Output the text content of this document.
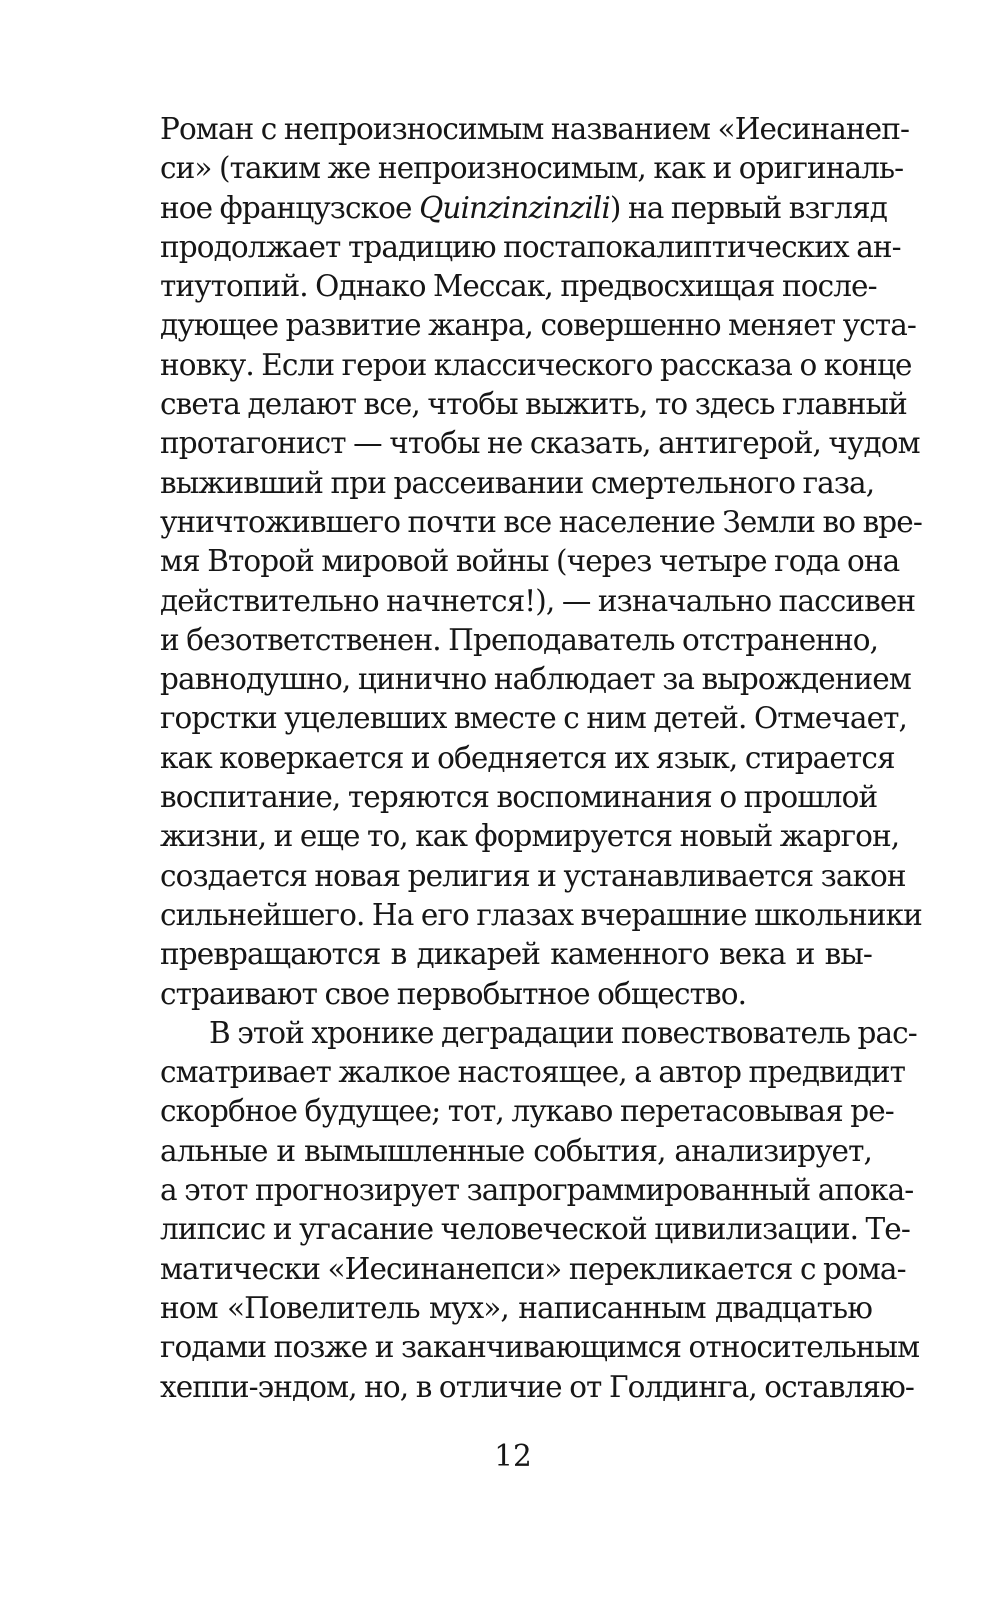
Роман с непроизносимым названием «Иесинанеп-
си» (таким же непроизносимым, как и оригиналь-
ное французское Quinzinzinzili) на первый взгляд
продолжает традицию постапокалиптических ан-
тиутопий. Однако Мессак, предвосхищая после-
дующее развитие жанра, совершенно меняет уста-
новку. Если герои классического рассказа о конце
света делают все, чтобы выжить, то здесь главный
протагонист — чтобы не сказать, антигерой, чудом
выживший при рассеивании смертельного газа,
уничтожившего почти все население Земли во вре-
мя Второй мировой войны (через четыре года она
действительно начнется!), — изначально пассивен
и безответственен. Преподаватель отстраненно,
равнодушно, цинично наблюдает за вырождением
горстки уцелевших вместе с ним детей. Отмечает,
как коверкается и обедняется их язык, стирается
воспитание, теряются воспоминания о прошлой
жизни, и еще то, как формируется новый жаргон,
создается новая религия и устанавливается закон
сильнейшего. На его глазах вчерашние школьники
превращаются в дикарей каменного века и вы-
страивают свое первобытное общество.
В этой хронике деградации повествователь рас-
сматривает жалкое настоящее, а автор предвидит
скорбное будущее; тот, лукаво перетасовывая ре-
альные и вымышленные события, анализирует,
а этот прогнозирует запрограммированный апока-
липсис и угасание человеческой цивилизации. Те-
матически «Иесинанепси» перекликается с рома-
ном «Повелитель мух», написанным двадцатью
годами позже и заканчивающимся относительным
хеппи-эндом, но, в отличие от Голдинга, оставляю-
12
